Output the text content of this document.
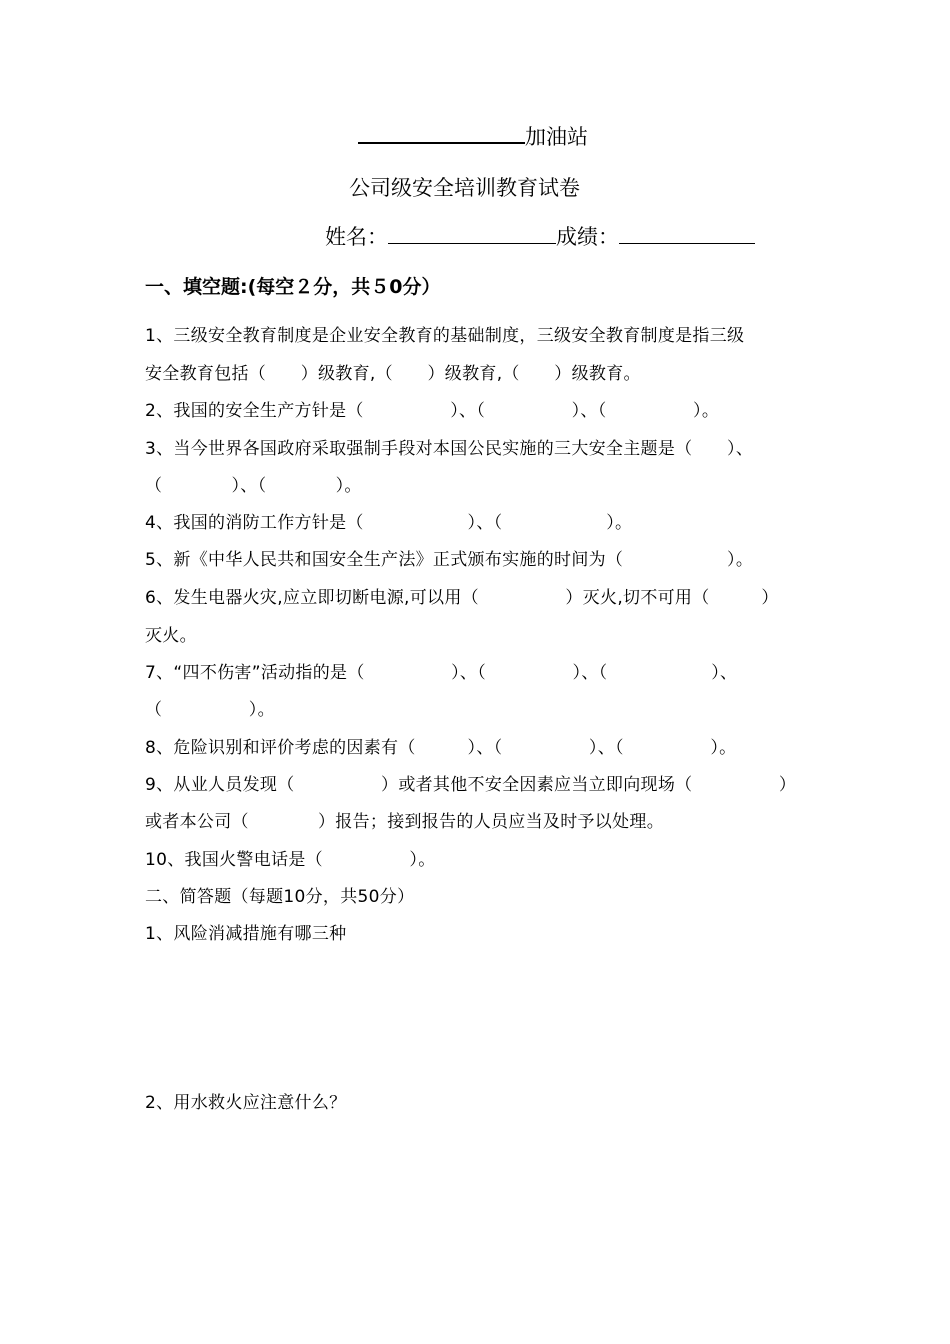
加油站
公司级安全培训教育试卷
姓名：	成绩：
一、填空题:(每空２分，共５0分）
1、三级安全教育制度是企业安全教育的基础制度，三级安全教育制度是指三级
安全教育包括（　　）级教育,（　　）级教育,（　　）级教育。
2、我国的安全生产方针是（　　　　　）、（　　　　　）、（　　　　　）。
3、当今世界各国政府采取强制手段对本国公民实施的三大安全主题是（　　）、
（　　　　）、（　　　　）。
4、我国的消防工作方针是（　　　　　　）、（　　　　　　）。
5、新《中华人民共和国安全生产法》正式颁布实施的时间为（　　　　　　）。
6、发生电器火灾,应立即切断电源,可以用（　　　　　）灭火,切不可用（　　　）
灭火。
7、“四不伤害”活动指的是（　　　　　）、（　　　　　）、（　　　　　　）、
（　　　　　）。
8、危险识别和评价考虑的因素有（　　　）、（　　　　　）、（　　　　　）。
9、从业人员发现（　　　　　）或者其他不安全因素应当立即向现场（　　　　　）
或者本公司（　　　　）报告；接到报告的人员应当及时予以处理。
10、我国火警电话是（　　　　　）。
二、简答题（每题10分，共50分）
1、风险消减措施有哪三种
2、用水救火应注意什么？
